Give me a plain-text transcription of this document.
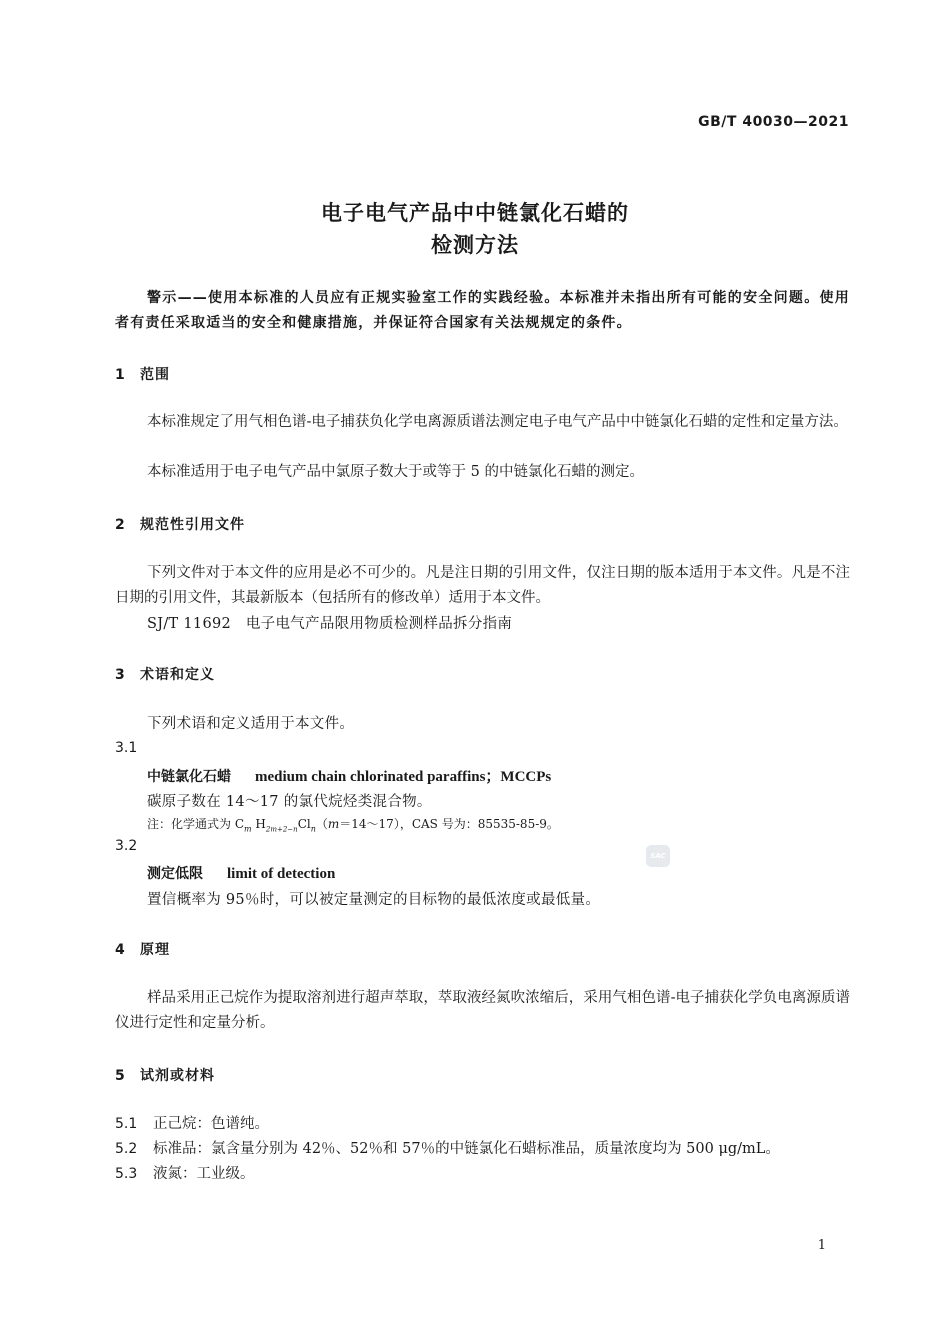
GB/T 40030—2021
电子电气产品中中链氯化石蜡的
检测方法
警示——使用本标准的人员应有正规实验室工作的实践经验。本标准并未指出所有可能的安全问题。使用者有责任采取适当的安全和健康措施，并保证符合国家有关法规规定的条件。
1 范围
本标准规定了用气相色谱-电子捕获负化学电离源质谱法测定电子电气产品中中链氯化石蜡的定性和定量方法。
本标准适用于电子电气产品中氯原子数大于或等于 5 的中链氯化石蜡的测定。
2 规范性引用文件
下列文件对于本文件的应用是必不可少的。凡是注日期的引用文件，仅注日期的版本适用于本文件。凡是不注日期的引用文件，其最新版本（包括所有的修改单）适用于本文件。
SJ/T 11692　电子电气产品限用物质检测样品拆分指南
3 术语和定义
下列术语和定义适用于本文件。
3.1
中链氯化石蜡 medium chain chlorinated paraffins；MCCPs
碳原子数在 14～17 的氯代烷烃类混合物。
注：化学通式为 $C_m$ $H_{2m+2-n}Cl_n(m=14\sim 17)$，CAS 号为：85535-85-9。
3.2
测定低限 limit of detection
置信概率为 95％时，可以被定量测定的目标物的最低浓度或最低量。
4 原理
样品采用正己烷作为提取溶剂进行超声萃取，萃取液经氮吹浓缩后，采用气相色谱-电子捕获化学负电离源质谱仪进行定性和定量分析。
5 试剂或材料
5.1 正己烷：色谱纯。
5.2 标准品：氯含量分别为 42％、52％和 57％的中链氯化石蜡标准品，质量浓度均为 500 μg/mL。
5.3 液氮：工业级。
SAC
1
